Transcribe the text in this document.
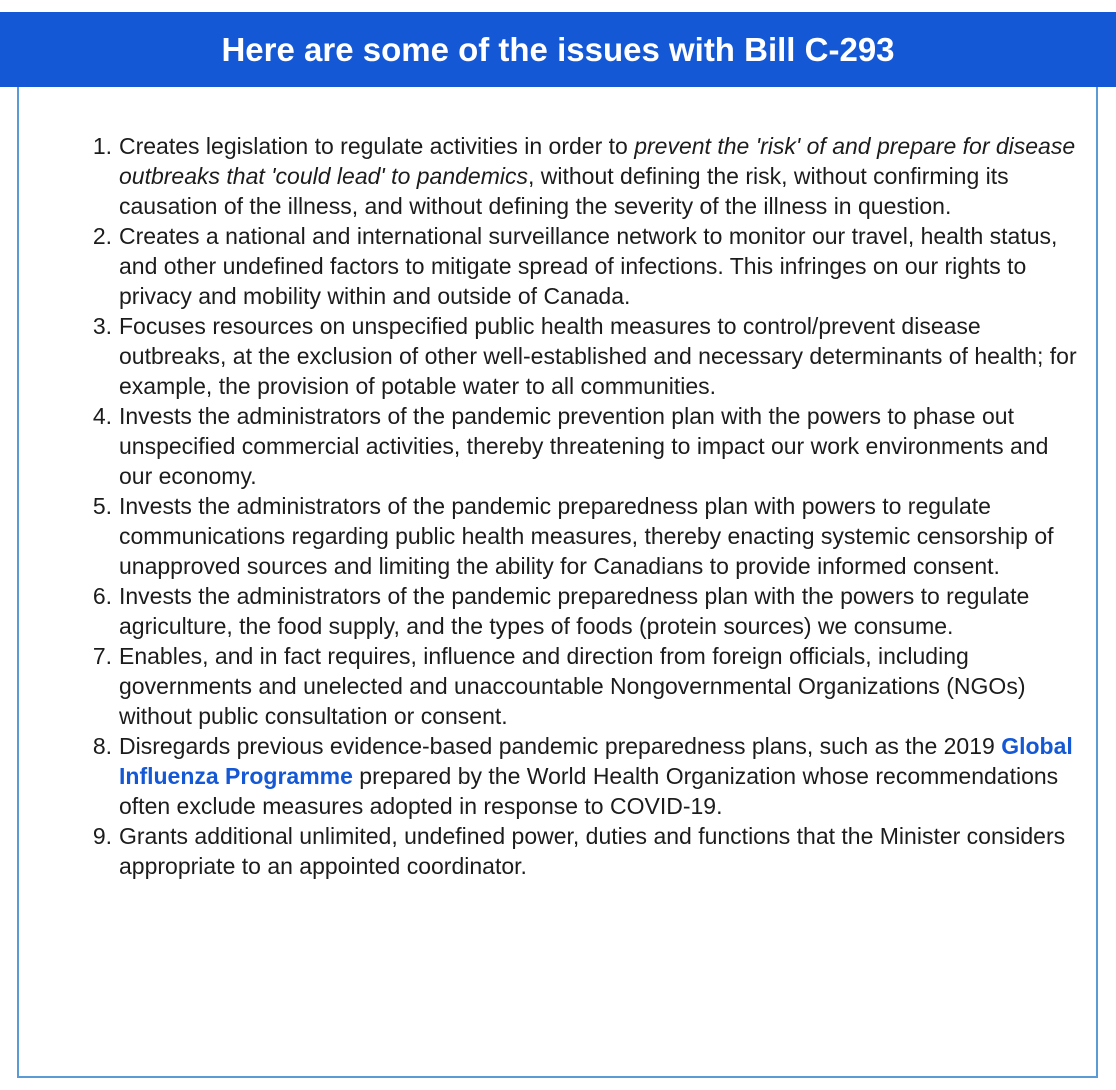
Here are some of the issues with Bill C-293
1. Creates legislation to regulate activities in order to prevent the 'risk' of and prepare for disease outbreaks that 'could lead' to pandemics, without defining the risk, without confirming its causation of the illness, and without defining the severity of the illness in question.
2. Creates a national and international surveillance network to monitor our travel, health status, and other undefined factors to mitigate spread of infections. This infringes on our rights to privacy and mobility within and outside of Canada.
3. Focuses resources on unspecified public health measures to control/prevent disease outbreaks, at the exclusion of other well-established and necessary determinants of health; for example, the provision of potable water to all communities.
4. Invests the administrators of the pandemic prevention plan with the powers to phase out unspecified commercial activities, thereby threatening to impact our work environments and our economy.
5. Invests the administrators of the pandemic preparedness plan with powers to regulate communications regarding public health measures, thereby enacting systemic censorship of unapproved sources and limiting the ability for Canadians to provide informed consent.
6. Invests the administrators of the pandemic preparedness plan with the powers to regulate agriculture, the food supply, and the types of foods (protein sources) we consume.
7. Enables, and in fact requires, influence and direction from foreign officials, including governments and unelected and unaccountable Nongovernmental Organizations (NGOs) without public consultation or consent.
8. Disregards previous evidence-based pandemic preparedness plans, such as the 2019 Global Influenza Programme prepared by the World Health Organization whose recommendations often exclude measures adopted in response to COVID-19.
9. Grants additional unlimited, undefined power, duties and functions that the Minister considers appropriate to an appointed coordinator.
